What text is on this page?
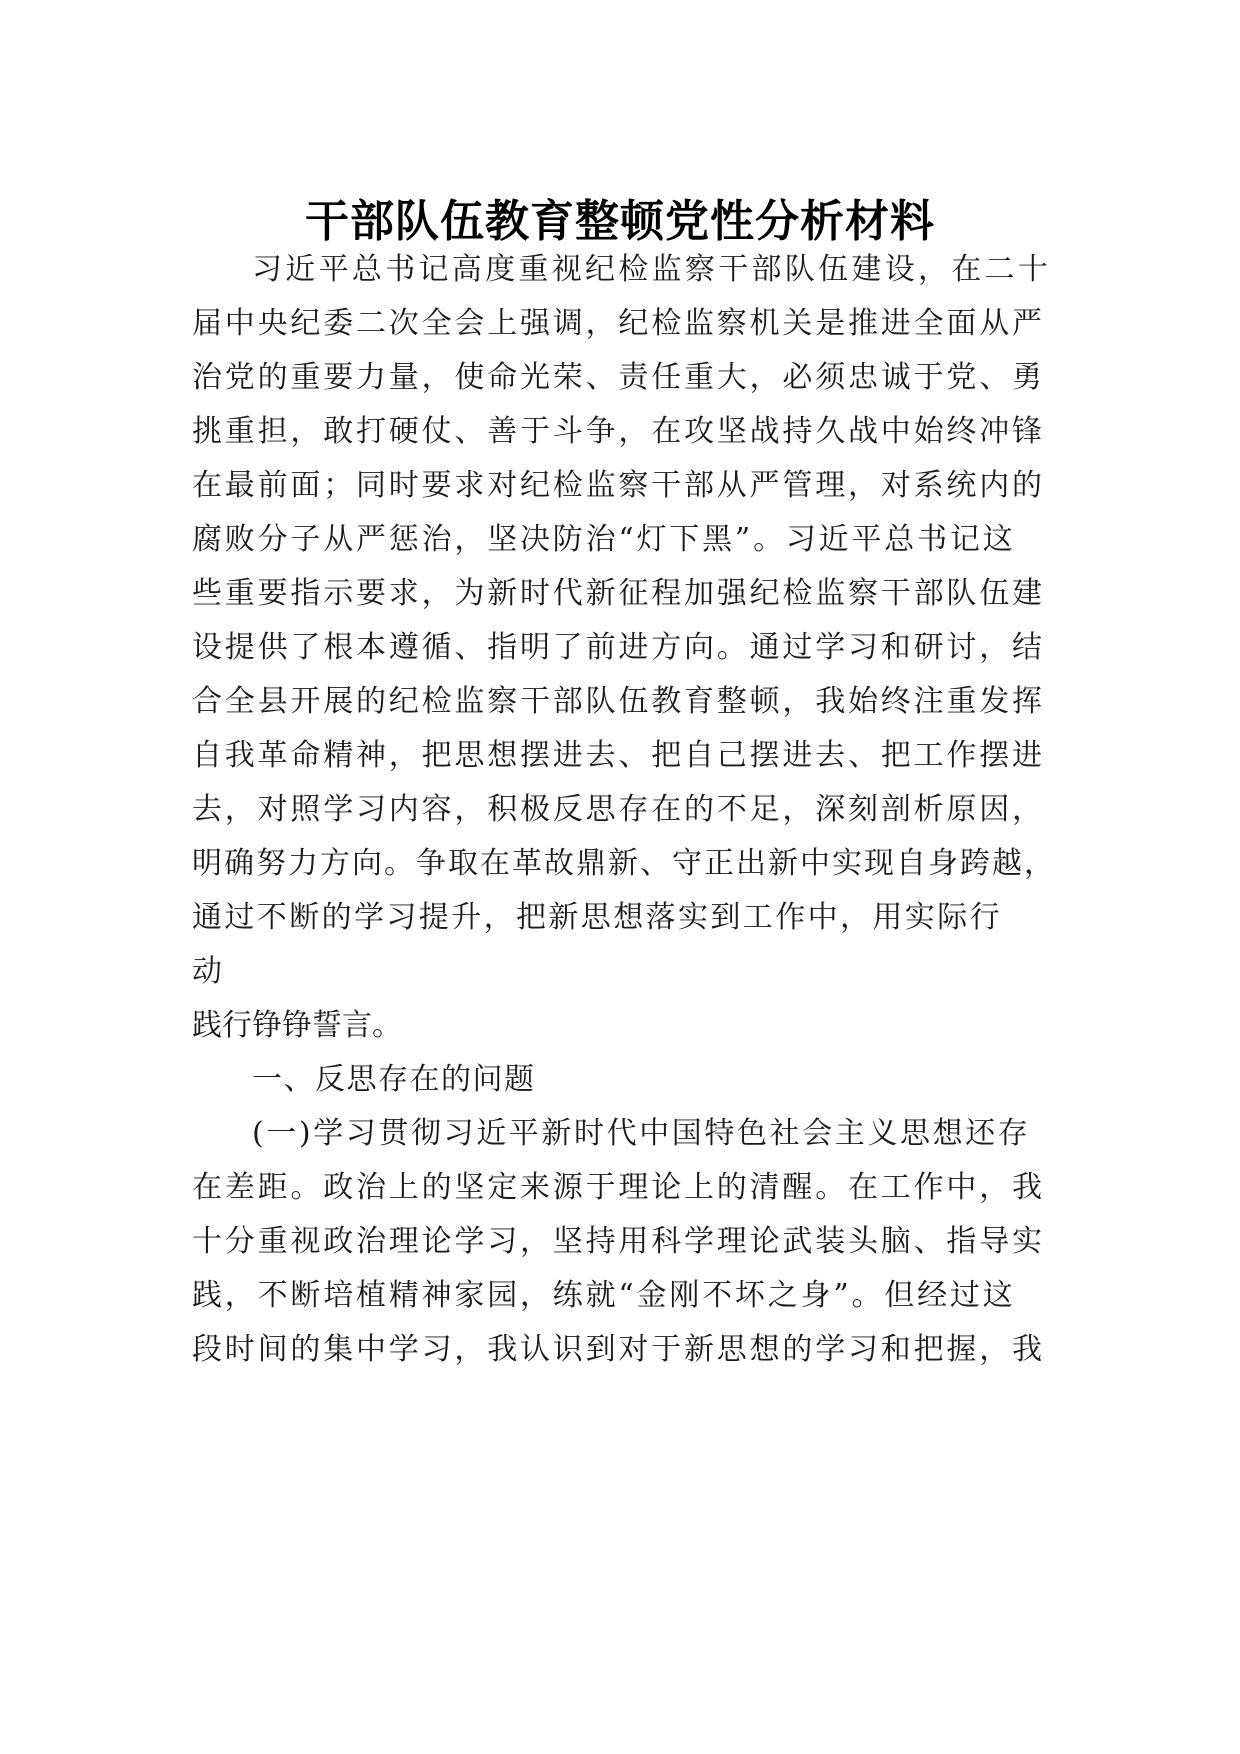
干部队伍教育整顿党性分析材料
习近平总书记高度重视纪检监察干部队伍建设，在二十
届中央纪委二次全会上强调，纪检监察机关是推进全面从严
治党的重要力量，使命光荣、责任重大，必须忠诚于党、勇
挑重担，敢打硬仗、善于斗争，在攻坚战持久战中始终冲锋
在最前面；同时要求对纪检监察干部从严管理，对系统内的
腐败分子从严惩治，坚决防治“灯下黑”。习近平总书记这
些重要指示要求，为新时代新征程加强纪检监察干部队伍建
设提供了根本遵循、指明了前进方向。通过学习和研讨，结
合全县开展的纪检监察干部队伍教育整顿，我始终注重发挥
自我革命精神，把思想摆进去、把自己摆进去、把工作摆进
去，对照学习内容，积极反思存在的不足，深刻剖析原因，
明确努力方向。争取在革故鼎新、守正出新中实现自身跨越，
通过不断的学习提升，把新思想落实到工作中，用实际行
动
践行铮铮誓言。
一、反思存在的问题
(一)学习贯彻习近平新时代中国特色社会主义思想还存
在差距。政治上的坚定来源于理论上的清醒。在工作中，我
十分重视政治理论学习，坚持用科学理论武装头脑、指导实
践，不断培植精神家园，练就“金刚不坏之身”。但经过这
段时间的集中学习，我认识到对于新思想的学习和把握，我
